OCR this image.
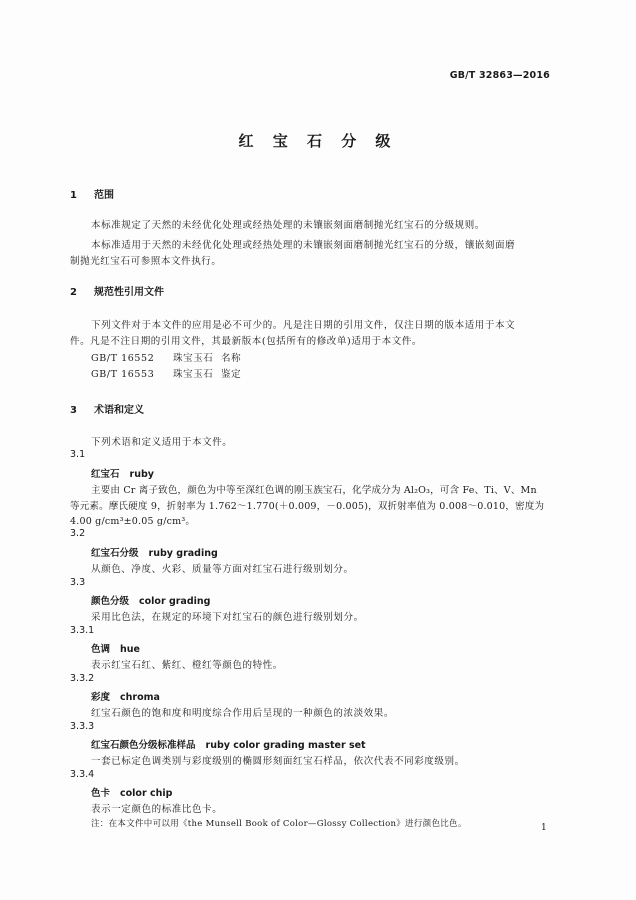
GB/T 32863—2016
红 宝 石 分 级
1 范围
本标准规定了天然的未经优化处理或经热处理的未镶嵌刻面磨制抛光红宝石的分级规则。
本标准适用于天然的未经优化处理或经热处理的未镶嵌刻面磨制抛光红宝石的分级，镶嵌刻面磨
制抛光红宝石可参照本文件执行。
2 规范性引用文件
下列文件对于本文件的应用是必不可少的。凡是注日期的引用文件，仅注日期的版本适用于本文
件。凡是不注日期的引用文件，其最新版本(包括所有的修改单)适用于本文件。
GB/T 16552 珠宝玉石 名称
GB/T 16553 珠宝玉石 鉴定
3 术语和定义
下列术语和定义适用于本文件。
3.1
红宝石 ruby
主要由 Cr 离子致色，颜色为中等至深红色调的刚玉族宝石，化学成分为 Al₂O₃，可含 Fe、Ti、V、Mn
等元素。摩氏硬度 9，折射率为 1.762～1.770(＋0.009，－0.005)，双折射率值为 0.008～0.010，密度为
4.00 g/cm³±0.05 g/cm³。
3.2
红宝石分级 ruby grading
从颜色、净度、火彩、质量等方面对红宝石进行级别划分。
3.3
颜色分级 color grading
采用比色法，在规定的环境下对红宝石的颜色进行级别划分。
3.3.1
色调 hue
表示红宝石红、紫红、橙红等颜色的特性。
3.3.2
彩度 chroma
红宝石颜色的饱和度和明度综合作用后呈现的一种颜色的浓淡效果。
3.3.3
红宝石颜色分级标准样品 ruby color grading master set
一套已标定色调类别与彩度级别的椭圆形刻面红宝石样品，依次代表不同彩度级别。
3.3.4
色卡 color chip
表示一定颜色的标准比色卡。
注：在本文件中可以用《the Munsell Book of Color—Glossy Collection》进行颜色比色。	1
